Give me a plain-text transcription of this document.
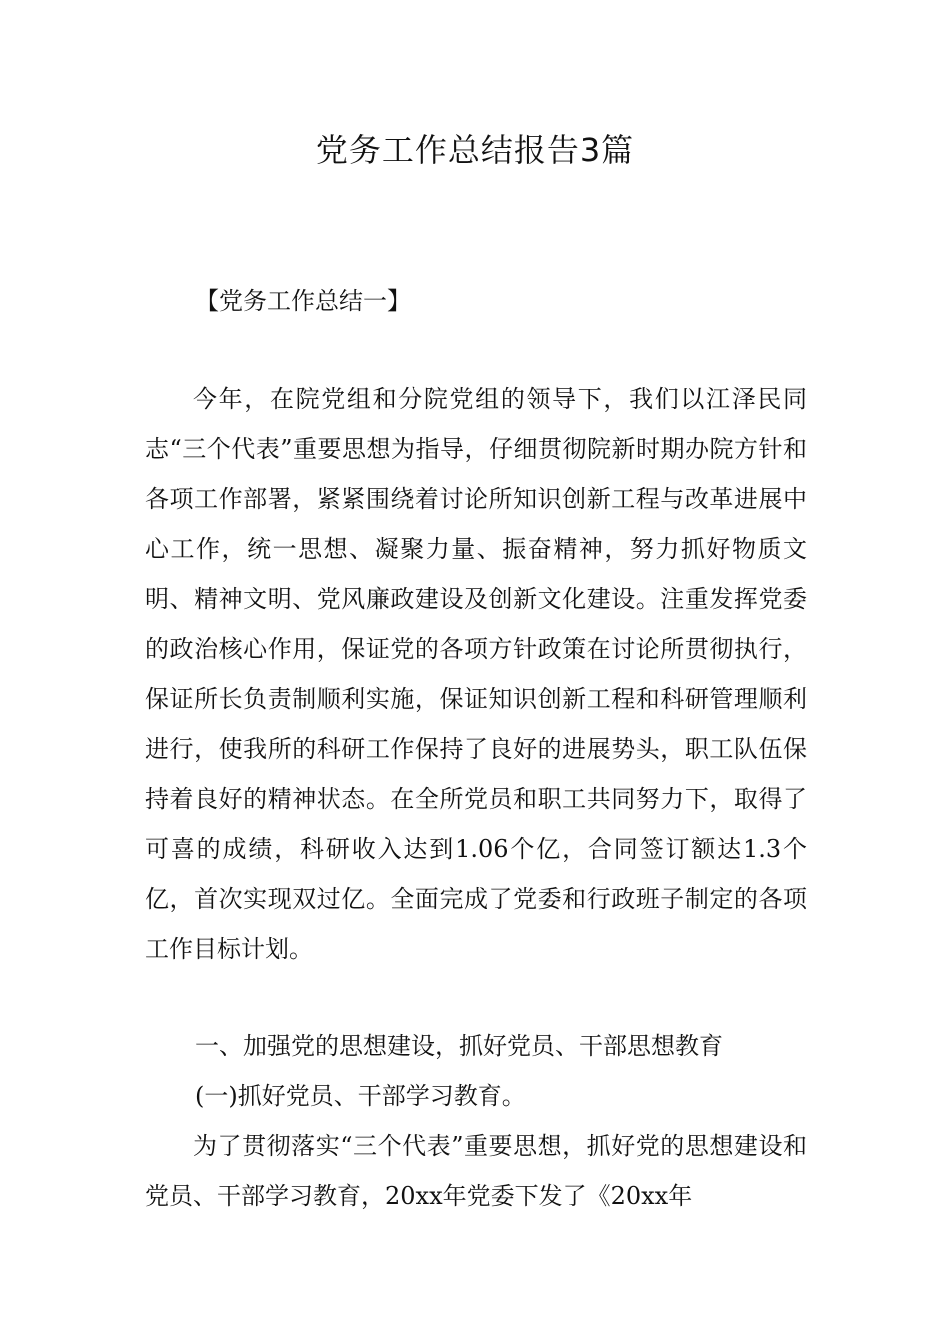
党务工作总结报告3篇

【党务工作总结一】

今年，在院党组和分院党组的领导下，我们以江泽民同志“三个代表”重要思想为指导，仔细贯彻院新时期办院方针和各项工作部署，紧紧围绕着讨论所知识创新工程与改革进展中心工作，统一思想、凝聚力量、振奋精神，努力抓好物质文明、精神文明、党风廉政建设及创新文化建设。注重发挥党委的政治核心作用，保证党的各项方针政策在讨论所贯彻执行，保证所长负责制顺利实施，保证知识创新工程和科研管理顺利进行，使我所的科研工作保持了良好的进展势头，职工队伍保持着良好的精神状态。在全所党员和职工共同努力下，取得了可喜的成绩，科研收入达到1.06个亿，合同签订额达1.3个亿，首次实现双过亿。全面完成了党委和行政班子制定的各项工作目标计划。

一、加强党的思想建设，抓好党员、干部思想教育

(一)抓好党员、干部学习教育。

为了贯彻落实“三个代表”重要思想，抓好党的思想建设和党员、干部学习教育，20xx年党委下发了《20xx年
